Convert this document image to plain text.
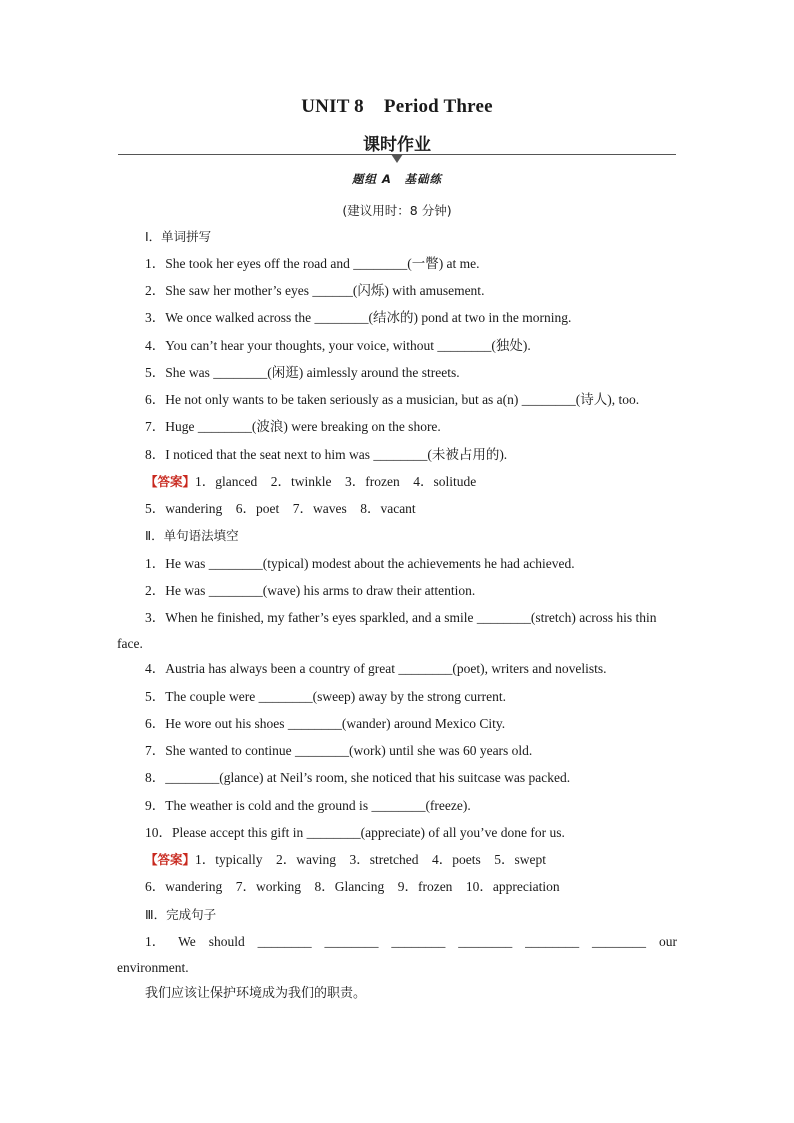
UNIT 8 Period Three
课时作业
题组 A　基础练
(建议用时：8 分钟)
Ⅰ．单词拼写
1．She took her eyes off the road and ________(一瞥) at me.
2．She saw her mother’s eyes ______(闪烁) with amusement.
3．We once walked across the ________(结冰的) pond at two in the morning.
4．You can’t hear your thoughts, your voice, without ________(独处).
5．She was ________(闲逛) aimlessly around the streets.
6．He not only wants to be taken seriously as a musician, but as a(n) ________(诗人), too.
7．Huge ________(波浪) were breaking on the shore.
8．I noticed that the seat next to him was ________(未被占用的).
【答案】1．glanced　2．twinkle　3．frozen　4．solitude
5．wandering　6．poet　7．waves　8．vacant
Ⅱ．单句语法填空
1．He was ________(typical) modest about the achievements he had achieved.
2．He was ________(wave) his arms to draw their attention.
3．When he finished, my father’s eyes sparkled, and a smile ________(stretch) across his thin
face.
4．Austria has always been a country of great ________(poet), writers and novelists.
5．The couple were ________(sweep) away by the strong current.
6．He wore out his shoes ________(wander) around Mexico City.
7．She wanted to continue ________(work) until she was 60 years old.
8．________(glance) at Neil’s room, she noticed that his suitcase was packed.
9．The weather is cold and the ground is ________(freeze).
10．Please accept this gift in ________(appreciate) of all you’ve done for us.
【答案】1．typically　2．waving　3．stretched　4．poets　5．swept
6．wandering　7．working　8．Glancing　9．frozen　10．appreciation
Ⅲ．完成句子
1． We should ________ ________ ________ ________ ________ ________ our
environment.
我们应该让保护环境成为我们的职责。
